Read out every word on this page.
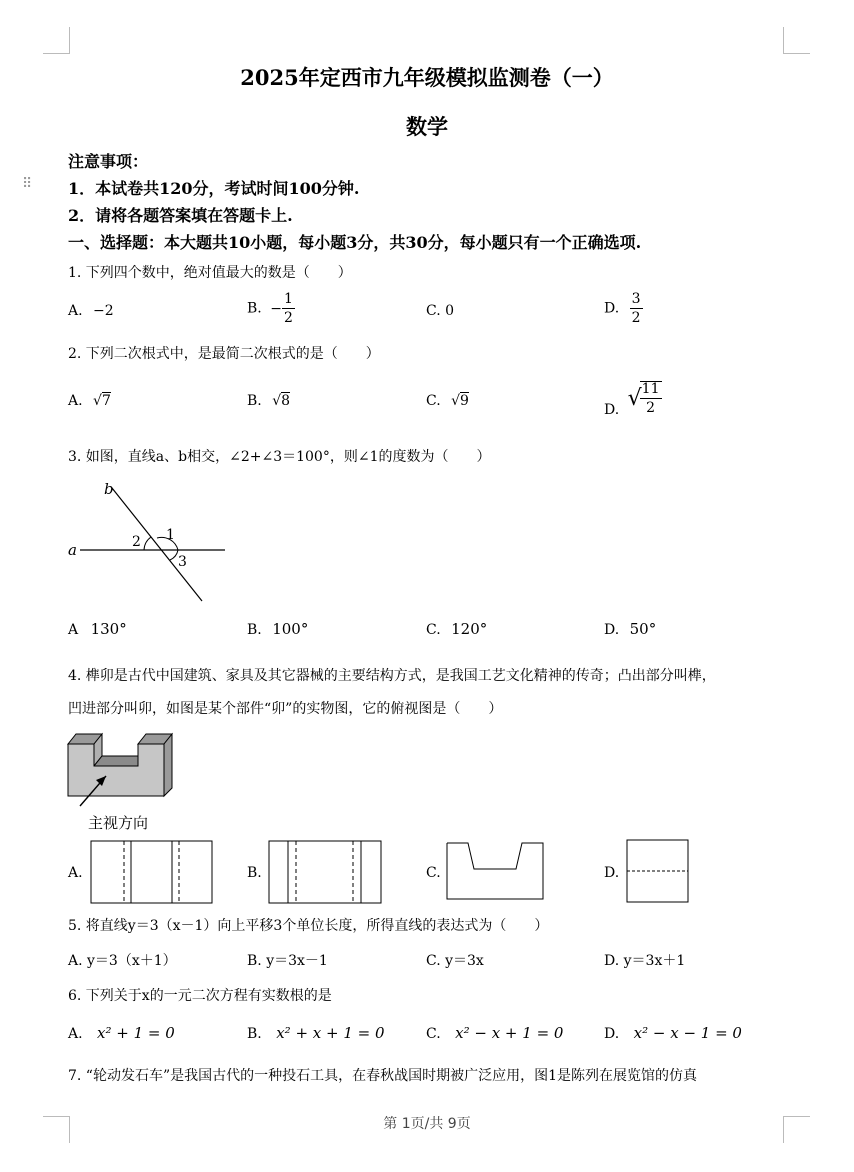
⠿
2025年定西市九年级模拟监测卷（一）
数学
注意事项：
1．本试卷共120分，考试时间100分钟.
2．请将各题答案填在答题卡上.
一、选择题：本大题共10小题，每小题3分，共30分，每小题只有一个正确选项.
1. 下列四个数中，绝对值最大的数是（　　）
A. −2	B. − $\frac{1}{2}$	C. 0	D. $\frac{3}{2}$
2. 下列二次根式中，是最简二次根式的是（　　）
A. √7	B. √8	C. √9
D. √
$\frac{11}{2}$
3. 如图，直线a、b相交，∠2+∠3＝100°，则∠1的度数为（　　）
a
b
1
2
3
A 130°	B. 100°	C. 120°	D. 50°
4. 榫卯是古代中国建筑、家具及其它器械的主要结构方式，是我国工艺文化精神的传奇；凸出部分叫榫，
凹进部分叫卯，如图是某个部件“卯”的实物图，它的俯视图是（　　）
主视方向
A.	B.	C.	D.
5. 将直线y＝3（x－1）向上平移3个单位长度，所得直线的表达式为（　　）
A. y＝3（x＋1）	B. y＝3x－1	C. y＝3x	D. y＝3x＋1
6. 下列关于x的一元二次方程有实数根的是
A. x² + 1 = 0	B. x² + x + 1 = 0	C. x² − x + 1 = 0	D. x² − x − 1 = 0
7. “轮动发石车”是我国古代的一种投石工具，在春秋战国时期被广泛应用，图1是陈列在展览馆的仿真
第 1页/共 9页
